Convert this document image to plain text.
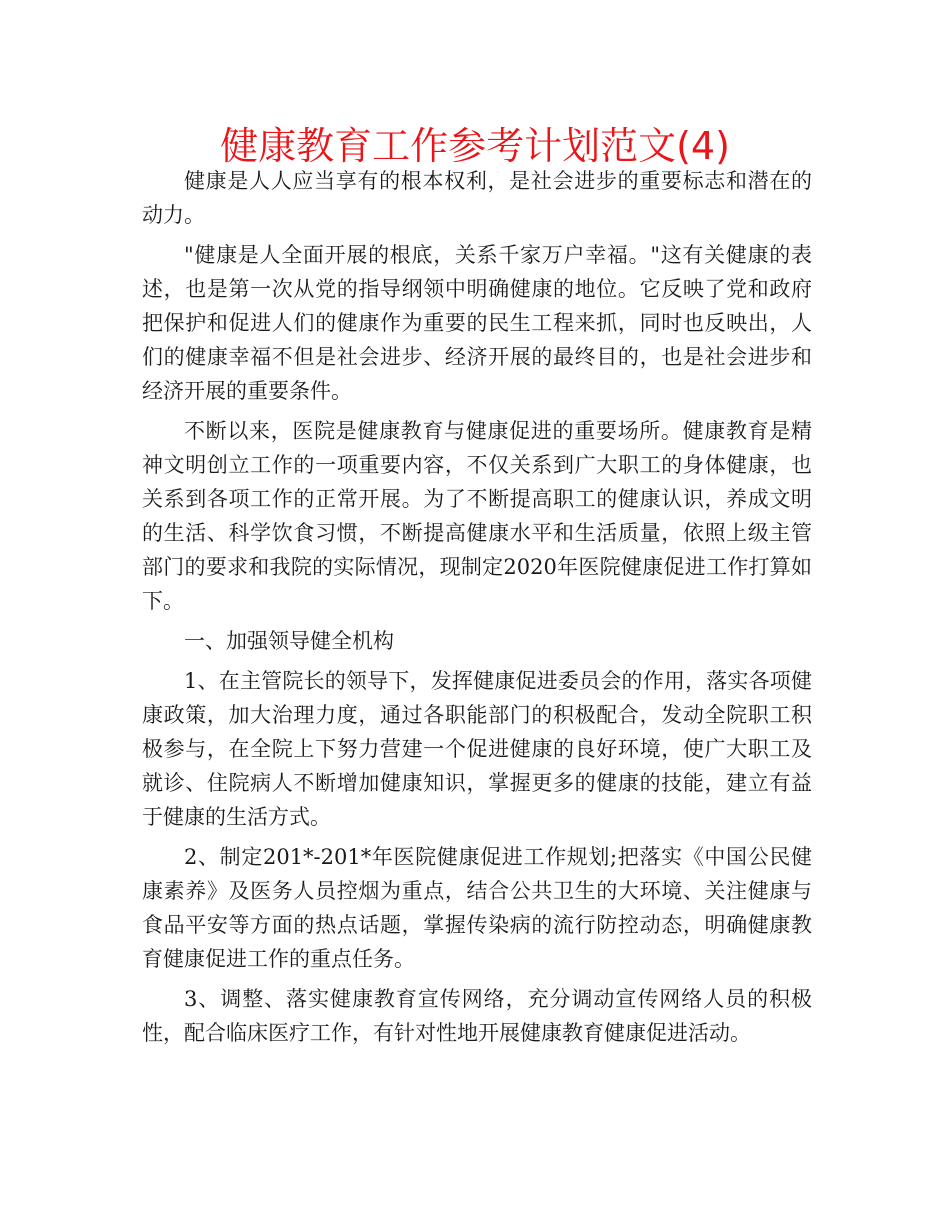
健康教育工作参考计划范文(4)

健康是人人应当享有的根本权利，是社会进步的重要标志和潜在的动力。

"健康是人全面开展的根底，关系千家万户幸福。"这有关健康的表述，也是第一次从党的指导纲领中明确健康的地位。它反映了党和政府把保护和促进人们的健康作为重要的民生工程来抓，同时也反映出，人们的健康幸福不但是社会进步、经济开展的最终目的，也是社会进步和经济开展的重要条件。

不断以来，医院是健康教育与健康促进的重要场所。健康教育是精神文明创立工作的一项重要内容，不仅关系到广大职工的身体健康，也关系到各项工作的正常开展。为了不断提高职工的健康认识，养成文明的生活、科学饮食习惯，不断提高健康水平和生活质量，依照上级主管部门的要求和我院的实际情况，现制定2020年医院健康促进工作打算如下。

一、加强领导健全机构

1、在主管院长的领导下，发挥健康促进委员会的作用，落实各项健康政策，加大治理力度，通过各职能部门的积极配合，发动全院职工积极参与，在全院上下努力营建一个促进健康的良好环境，使广大职工及就诊、住院病人不断增加健康知识，掌握更多的健康的技能，建立有益于健康的生活方式。

2、制定201*-201*年医院健康促进工作规划;把落实《中国公民健康素养》及医务人员控烟为重点，结合公共卫生的大环境、关注健康与食品平安等方面的热点话题，掌握传染病的流行防控动态，明确健康教育健康促进工作的重点任务。

3、调整、落实健康教育宣传网络，充分调动宣传网络人员的积极性，配合临床医疗工作，有针对性地开展健康教育健康促进活动。
